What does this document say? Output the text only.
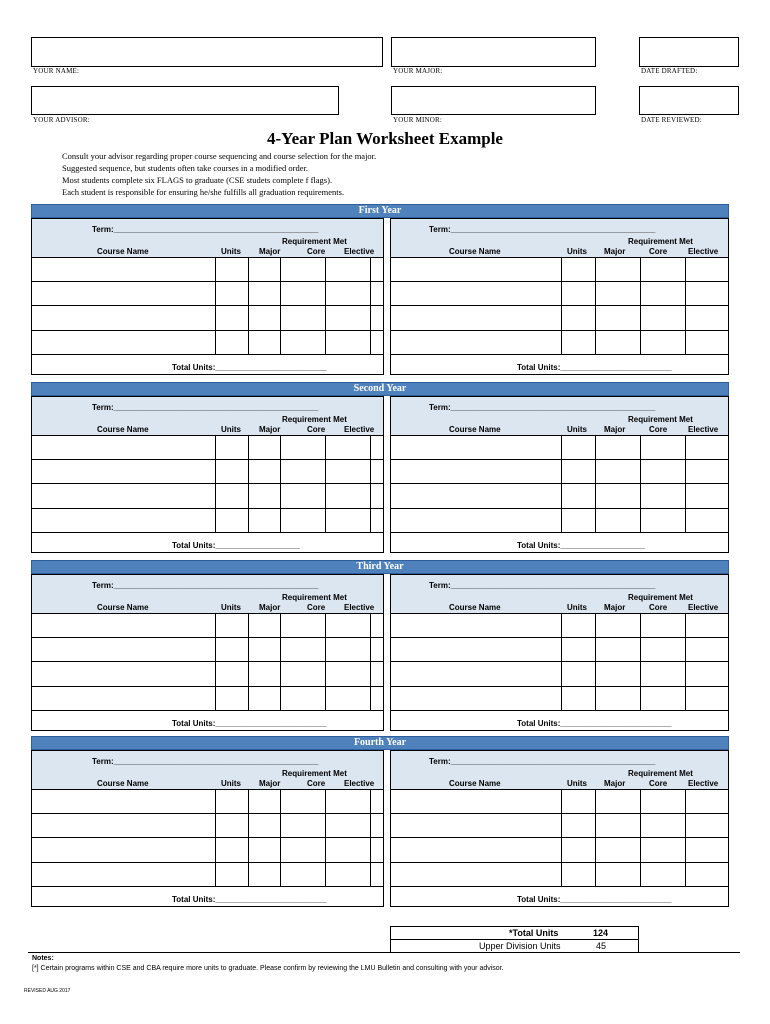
YOUR NAME:	YOUR MAJOR:	DATE DRAFTED:
YOUR ADVISOR:	YOUR MINOR:	DATE REVIEWED:
4-Year Plan Worksheet Example
Consult your advisor regarding proper course sequencing and course selection for the major.
Suggested sequence, but students often take courses in a modified order.
Most students complete six FLAGS to graduate (CSE studets complete f flags).
Each student is responsible for ensuring he/she fulfills all graduation requirements.
First Year
Second Year
Third Year
Fourth Year
Term:______________________________________________
Requirement Met
Course Name	Units Major	Core Elective
Total Units:_________________________
Term:______________________________________________
Requirement Met
Course Name	Units Major	Core	Elective
Total Units:_________________________
Term:______________________________________________
Requirement Met
Course Name	Units Major	Core Elective
Total Units:___________________
Term:______________________________________________
Requirement Met
Course Name	Units Major	Core	Elective
Total Units:___________________
Term:______________________________________________
Requirement Met
Course Name	Units Major	Core Elective
Total Units:_________________________
Term:______________________________________________
Requirement Met
Course Name	Units Major	Core	Elective
Total Units:_________________________
Term:______________________________________________
Requirement Met
Course Name	Units Major	Core Elective
Total Units:_________________________
Term:______________________________________________
Requirement Met
Course Name	Units Major	Core	Elective
Total Units:_________________________
*Total Units	124
Upper Division Units	45
Notes:
[*] Certain programs within CSE and CBA require more units to graduate. Please confirm by reviewing the LMU Bulletin and consulting with your advisor.
REVISED AUG 2017
